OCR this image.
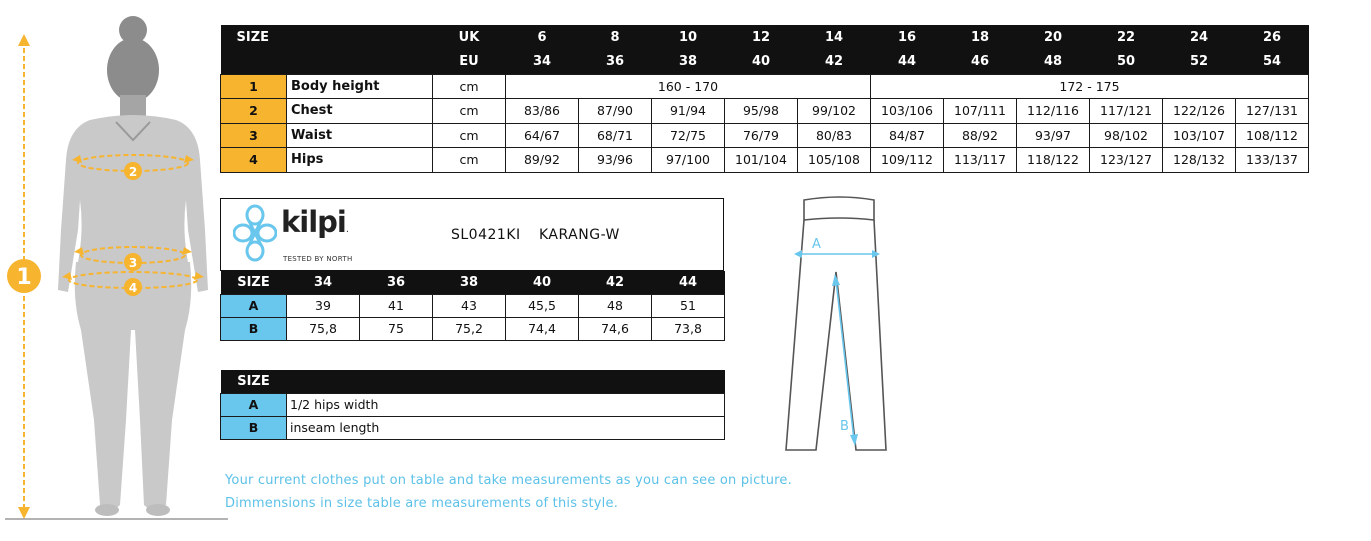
1
2
3
4
SIZE		UK	6	8	10	12	14	16	18	20	22	24	26
		EU	34	36	38	40	42	44	46	48	50	52	54
1	Body height	cm	160 - 170					172 - 175					
2	Chest	cm	83/86	87/90	91/94	95/98	99/102	103/106	107/111	112/116	117/121	122/126	127/131
3	Waist	cm	64/67	68/71	72/75	76/79	80/83	84/87	88/92	93/97	98/102	103/107	108/112
4	Hips	cm	89/92	93/96	97/100	101/104	105/108	109/112	113/117	118/122	123/127	128/132	133/137
kilpi.
TESTED BY NORTH
SL0421KI KARANG-W
SIZE	34	36	38	40	42	44
A	39	41	43	45,5	48	51
B	75,8	75	75,2	74,4	74,6	73,8
SIZE	
A	1/2 hips width
B	inseam length
A
B
Your current clothes put on table and take measurements as you can see on picture.
Dimmensions in size table are measurements of this style.
